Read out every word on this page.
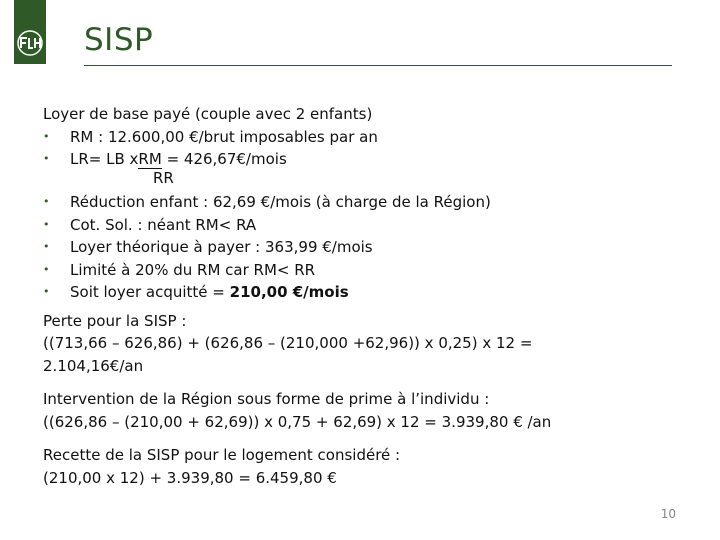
SISP
Loyer de base payé (couple avec 2 enfants)
• RM : 12.600,00 €/brut imposables par an
• LR= LB xRM = 426,67€/mois
RR
• Réduction enfant : 62,69 €/mois (à charge de la Région)
• Cot. Sol. : néant RM< RA
• Loyer théorique à payer : 363,99 €/mois
• Limité à 20% du RM car RM< RR
• Soit loyer acquitté = 210,00 €/mois
Perte pour la SISP :
((713,66 – 626,86) + (626,86 – (210,000 +62,96)) x 0,25) x 12 =
2.104,16€/an
Intervention de la Région sous forme de prime à l’individu :
((626,86 – (210,00 + 62,69)) x 0,75 + 62,69) x 12 = 3.939,80 € /an
Recette de la SISP pour le logement considéré :
(210,00 x 12) + 3.939,80 = 6.459,80 €
10
